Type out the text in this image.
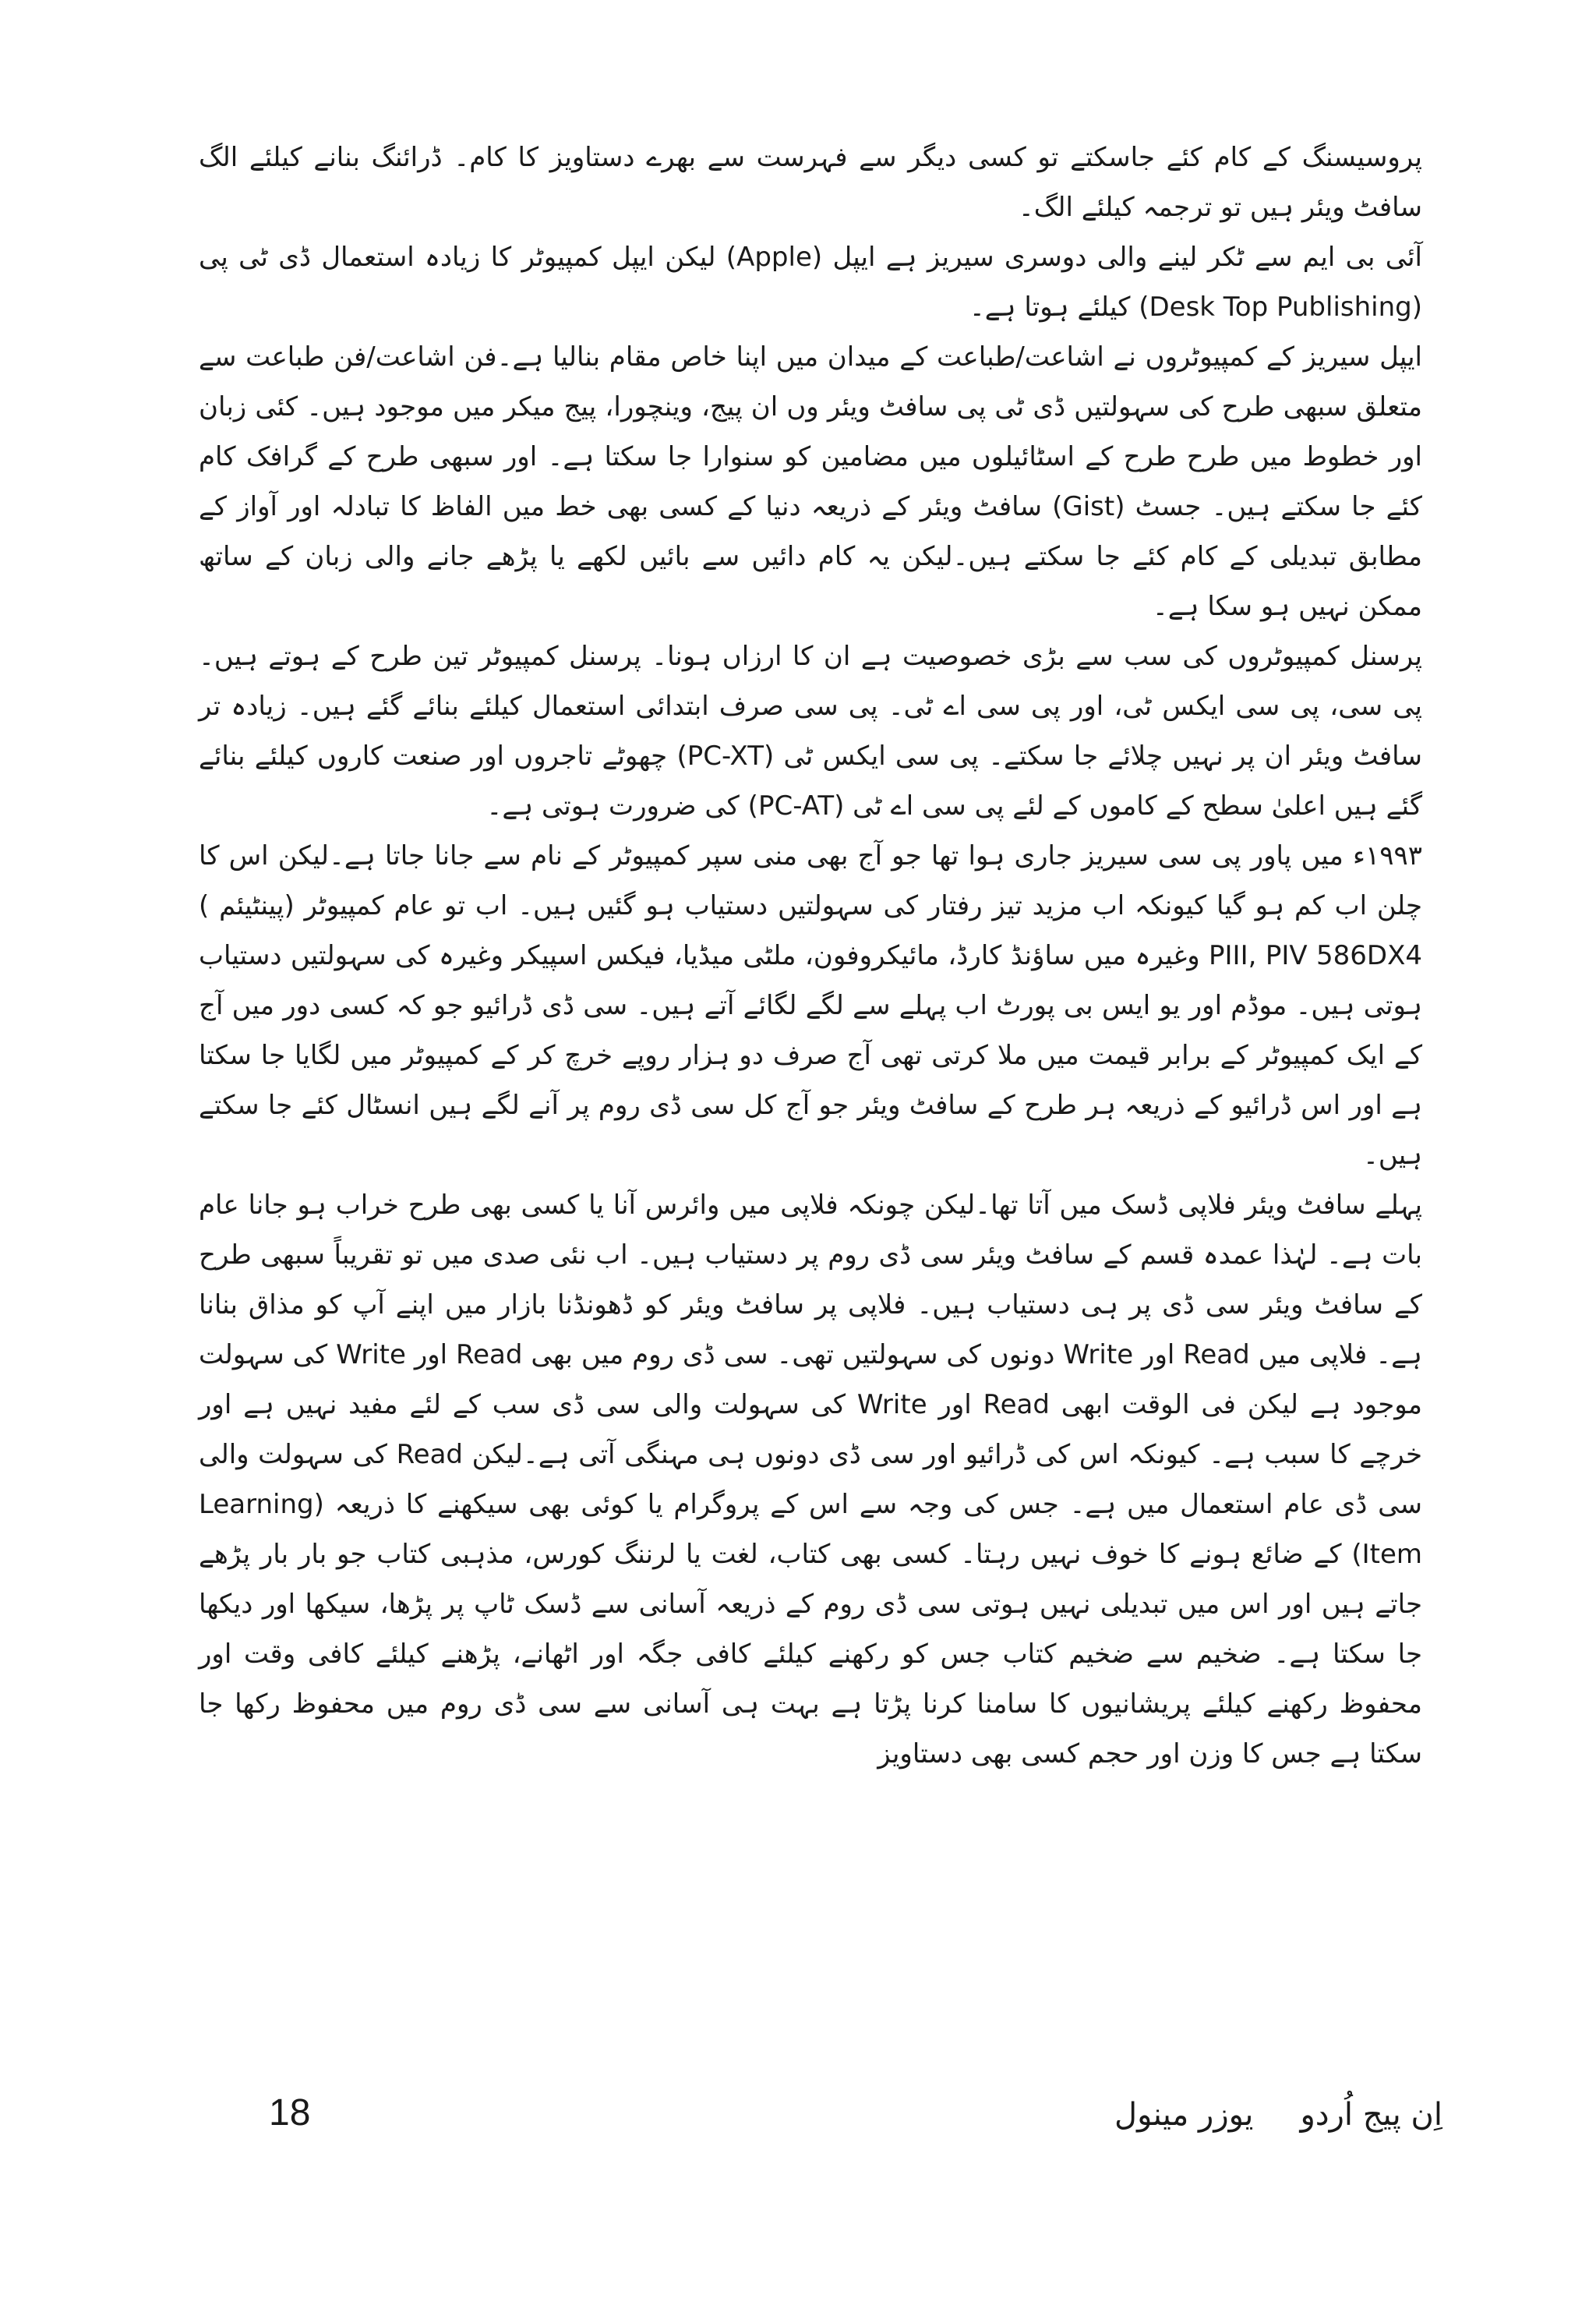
پروسیسنگ کے کام کئے جاسکتے تو کسی دیگر سے فہرست سے بھرے دستاویز کا کام۔ ڈرائنگ بنانے کیلئے الگ سافٹ ویئر ہیں تو ترجمہ کیلئے الگ۔

آئی بی ایم سے ٹکر لینے والی دوسری سیریز ہے ایپل (Apple) لیکن ایپل کمپیوٹر کا زیادہ استعمال ڈی ٹی پی (Desk Top Publishing) کیلئے ہوتا ہے۔

ایپل سیریز کے کمپیوٹروں نے اشاعت/طباعت کے میدان میں اپنا خاص مقام بنالیا ہے۔فن اشاعت/فن طباعت سے متعلق سبھی طرح کی سہولتیں ڈی ٹی پی سافٹ ویئر وں ان پیج، وینچورا، پیج میکر میں موجود ہیں۔ کئی زبان اور خطوط میں طرح طرح کے اسٹائیلوں میں مضامین کو سنوارا جا سکتا ہے۔ اور سبھی طرح کے گرافک کام کئے جا سکتے ہیں۔ جسٹ (Gist) سافٹ ویئر کے ذریعہ دنیا کے کسی بھی خط میں الفاظ کا تبادلہ اور آواز کے مطابق تبدیلی کے کام کئے جا سکتے ہیں۔لیکن یہ کام دائیں سے بائیں لکھے یا پڑھے جانے والی زبان کے ساتھ ممکن نہیں ہو سکا ہے۔

پرسنل کمپیوٹروں کی سب سے بڑی خصوصیت ہے ان کا ارزاں ہونا۔ پرسنل کمپیوٹر تین طرح کے ہوتے ہیں۔ پی سی، پی سی ایکس ٹی، اور پی سی اے ٹی۔ پی سی صرف ابتدائی استعمال کیلئے بنائے گئے ہیں۔ زیادہ تر سافٹ ویئر ان پر نہیں چلائے جا سکتے۔ پی سی ایکس ٹی (PC-XT) چھوٹے تاجروں اور صنعت کاروں کیلئے بنائے گئے ہیں اعلیٰ سطح کے کاموں کے لئے پی سی اے ٹی (PC-AT) کی ضرورت ہوتی ہے۔

۱۹۹۳ء میں پاور پی سی سیریز جاری ہوا تھا جو آج بھی منی سپر کمپیوٹر کے نام سے جانا جاتا ہے۔لیکن اس کا چلن اب کم ہو گیا کیونکہ اب مزید تیز رفتار کی سہولتیں دستیاب ہو گئیں ہیں۔ اب تو عام کمپیوٹر (پینٹیئم ) PIII, PIV 586DX4 وغیرہ میں ساؤنڈ کارڈ، مائیکروفون، ملٹی میڈیا، فیکس اسپیکر وغیرہ کی سہولتیں دستیاب ہوتی ہیں۔ موڈم اور یو ایس بی پورٹ اب پہلے سے لگے لگائے آتے ہیں۔ سی ڈی ڈرائیو جو کہ کسی دور میں آج کے ایک کمپیوٹر کے برابر قیمت میں ملا کرتی تھی آج صرف دو ہزار روپے خرچ کر کے کمپیوٹر میں لگایا جا سکتا ہے اور اس ڈرائیو کے ذریعہ ہر طرح کے سافٹ ویئر جو آج کل سی ڈی روم پر آنے لگے ہیں انسٹال کئے جا سکتے ہیں۔

پہلے سافٹ ویئر فلاپی ڈسک میں آتا تھا۔لیکن چونکہ فلاپی میں وائرس آنا یا کسی بھی طرح خراب ہو جانا عام بات ہے۔ لہٰذا عمدہ قسم کے سافٹ ویئر سی ڈی روم پر دستیاب ہیں۔ اب نئی صدی میں تو تقریباً سبھی طرح کے سافٹ ویئر سی ڈی پر ہی دستیاب ہیں۔ فلاپی پر سافٹ ویئر کو ڈھونڈنا بازار میں اپنے آپ کو مذاق بنانا ہے۔ فلاپی میں Read اور Write دونوں کی سہولتیں تھی۔ سی ڈی روم میں بھی Read اور Write کی سہولت موجود ہے لیکن فی الوقت ابھی Read اور Write کی سہولت والی سی ڈی سب کے لئے مفید نہیں ہے اور خرچے کا سبب ہے۔ کیونکہ اس کی ڈرائیو اور سی ڈی دونوں ہی مہنگی آتی ہے۔لیکن Read کی سہولت والی سی ڈی عام استعمال میں ہے۔ جس کی وجہ سے اس کے پروگرام یا کوئی بھی سیکھنے کا ذریعہ (Learning Item) کے ضائع ہونے کا خوف نہیں رہتا۔ کسی بھی کتاب، لغت یا لرننگ کورس، مذہبی کتاب جو بار بار پڑھے جاتے ہیں اور اس میں تبدیلی نہیں ہوتی سی ڈی روم کے ذریعہ آسانی سے ڈسک ٹاپ پر پڑھا، سیکھا اور دیکھا جا سکتا ہے۔ ضخیم سے ضخیم کتاب جس کو رکھنے کیلئے کافی جگہ اور اٹھانے، پڑھنے کیلئے کافی وقت اور محفوظ رکھنے کیلئے پریشانیوں کا سامنا کرنا پڑتا ہے بہت ہی آسانی سے سی ڈی روم میں محفوظ رکھا جا سکتا ہے جس کا وزن اور حجم کسی بھی دستاویز

18	اِن پیج اُردویوزر مینول
